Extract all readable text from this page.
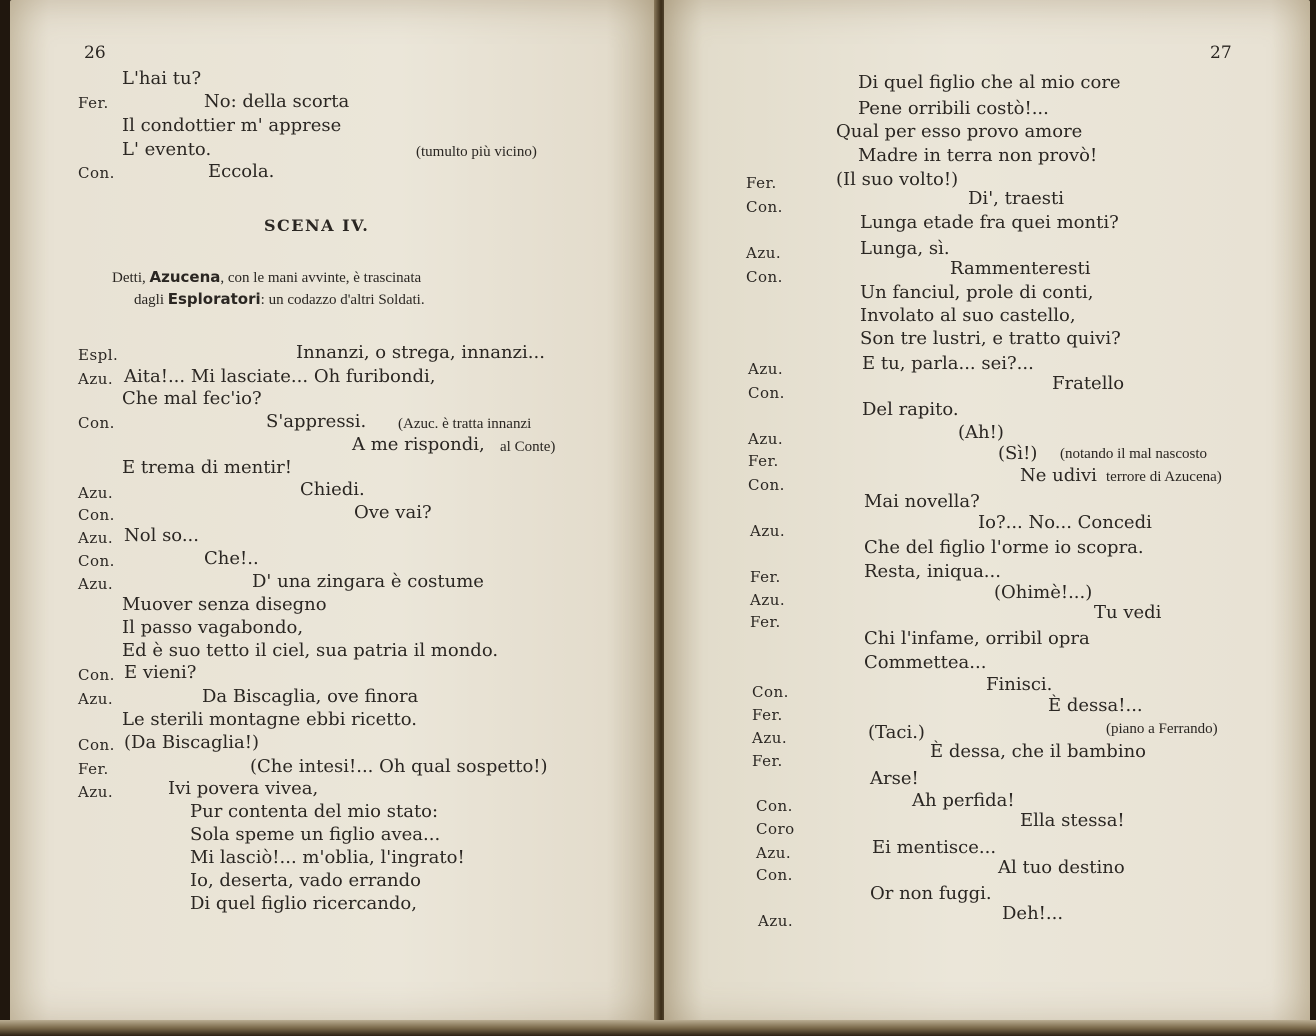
26
L'hai tu?
Fer.	No: della scorta
Il condottier m' apprese
L' evento.	(tumulto più vicino)
Con.	Eccola.
SCENA IV.
Detti, Azucena, con le mani avvinte, è trascinata
dagli Esploratori: un codazzo d'altri Soldati.
Espl.	Innanzi, o strega, innanzi...
Azu. Aita!... Mi lasciate... Oh furibondi,
Che mal fec'io?
Con.	S'appressi. (Azuc. è tratta innanzi
A me rispondi, al Conte)
E trema di mentir!
Azu.	Chiedi.
Con.	Ove vai?
Azu. Nol so...
Con.	Che!..
Azu.	D' una zingara è costume
Muover senza disegno
Il passo vagabondo,
Ed è suo tetto il ciel, sua patria il mondo.
Con. E vieni?
Azu.	Da Biscaglia, ove finora
Le sterili montagne ebbi ricetto.
Con. (Da Biscaglia!)
Fer.	(Che intesi!... Oh qual sospetto!)
Azu.	Ivi povera vivea,
Pur contenta del mio stato:
Sola speme un figlio avea...
Mi lasciò!... m'oblia, l'ingrato!
Io, deserta, vado errando
Di quel figlio ricercando,
27
Di quel figlio che al mio core
Pene orribili costò!...
Qual per esso provo amore
Madre in terra non provò!
Fer.	(Il suo volto!)
Con.	Di', traesti
Lunga etade fra quei monti?
Azu.	Lunga, sì.
Con.	Rammenteresti
Un fanciul, prole di conti,
Involato al suo castello,
Son tre lustri, e tratto quivi?
Azu.	E tu, parla... sei?...
Con.	Fratello
Del rapito.
Azu.	(Ah!)
Fer.	(Sì!) (notando il mal nascosto
Con.	Ne udivi terrore di Azucena)
Mai novella?
Azu.	Io?... No... Concedi
Che del figlio l'orme io scopra.
Fer.	Resta, iniqua...
Azu.	(Ohimè!...)
Fer.	Tu vedi
Chi l'infame, orribil opra
Commettea...
Con.	Finisci.
Fer.	È dessa!...
Azu.	(Taci.)	(piano a Ferrando)
Fer.	È dessa, che il bambino
Arse!
Con.	Ah perfida!
Coro	Ella stessa!
Azu.	Ei mentisce...
Con.	Al tuo destino
Or non fuggi.
Azu.	Deh!...
